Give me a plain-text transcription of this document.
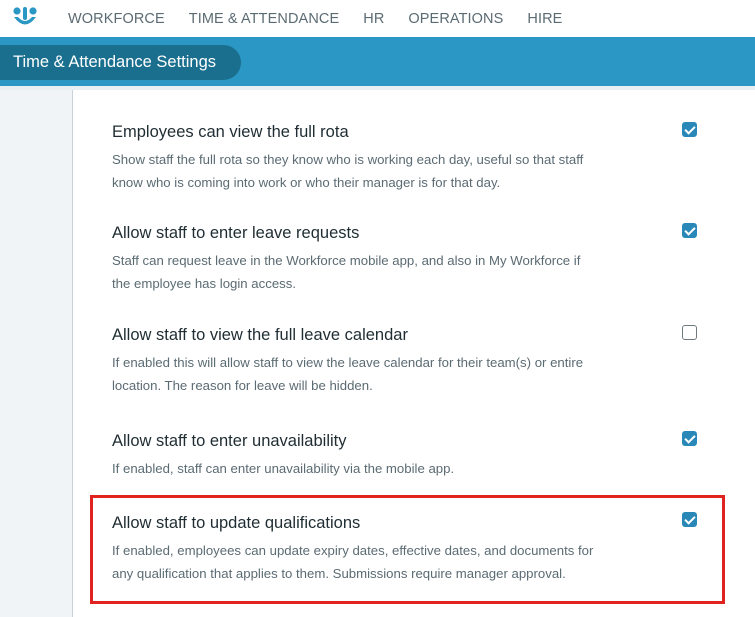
WORKFORCE TIME & ATTENDANCE HR OPERATIONS HIRE
Time & Attendance Settings
Employees can view the full rota
Show staff the full rota so they know who is working each day, useful so that staff
know who is coming into work or who their manager is for that day.
Allow staff to enter leave requests
Staff can request leave in the Workforce mobile app, and also in My Workforce if
the employee has login access.
Allow staff to view the full leave calendar
If enabled this will allow staff to view the leave calendar for their team(s) or entire
location. The reason for leave will be hidden.
Allow staff to enter unavailability
If enabled, staff can enter unavailability via the mobile app.
Allow staff to update qualifications
If enabled, employees can update expiry dates, effective dates, and documents for
any qualification that applies to them. Submissions require manager approval.
